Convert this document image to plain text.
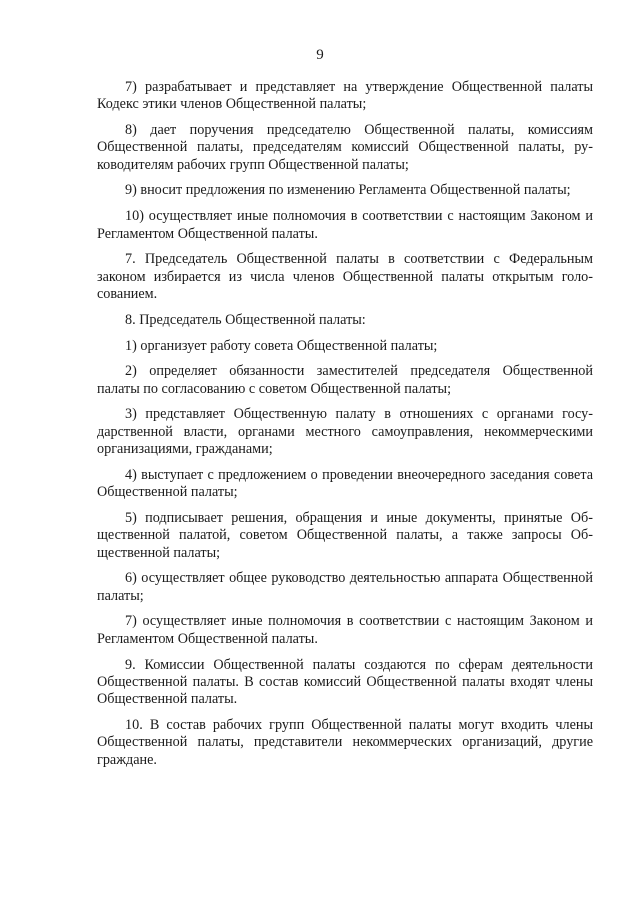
9

7) разрабатывает и представляет на утверждение Общественной палаты Кодекс этики членов Общественной палаты;

8) дает поручения председателю Общественной палаты, комиссиям Общественной палаты, председателям комиссий Общественной палаты, руководителям рабочих групп Общественной палаты;

9) вносит предложения по изменению Регламента Общественной палаты;

10) осуществляет иные полномочия в соответствии с настоящим Законом и Регламентом Общественной палаты.

7. Председатель Общественной палаты в соответствии с Федеральным законом избирается из числа членов Общественной палаты открытым голосованием.

8. Председатель Общественной палаты:

1) организует работу совета Общественной палаты;

2) определяет обязанности заместителей председателя Общественной палаты по согласованию с советом Общественной палаты;

3) представляет Общественную палату в отношениях с органами государственной власти, органами местного самоуправления, некоммерческими организациями, гражданами;

4) выступает с предложением о проведении внеочередного заседания совета Общественной палаты;

5) подписывает решения, обращения и иные документы, принятые Общественной палатой, советом Общественной палаты, а также запросы Общественной палаты;

6) осуществляет общее руководство деятельностью аппарата Общественной палаты;

7) осуществляет иные полномочия в соответствии с настоящим Законом и Регламентом Общественной палаты.

9. Комиссии Общественной палаты создаются по сферам деятельности Общественной палаты. В состав комиссий Общественной палаты входят члены Общественной палаты.

10. В состав рабочих групп Общественной палаты могут входить члены Общественной палаты, представители некоммерческих организаций, другие граждане.
